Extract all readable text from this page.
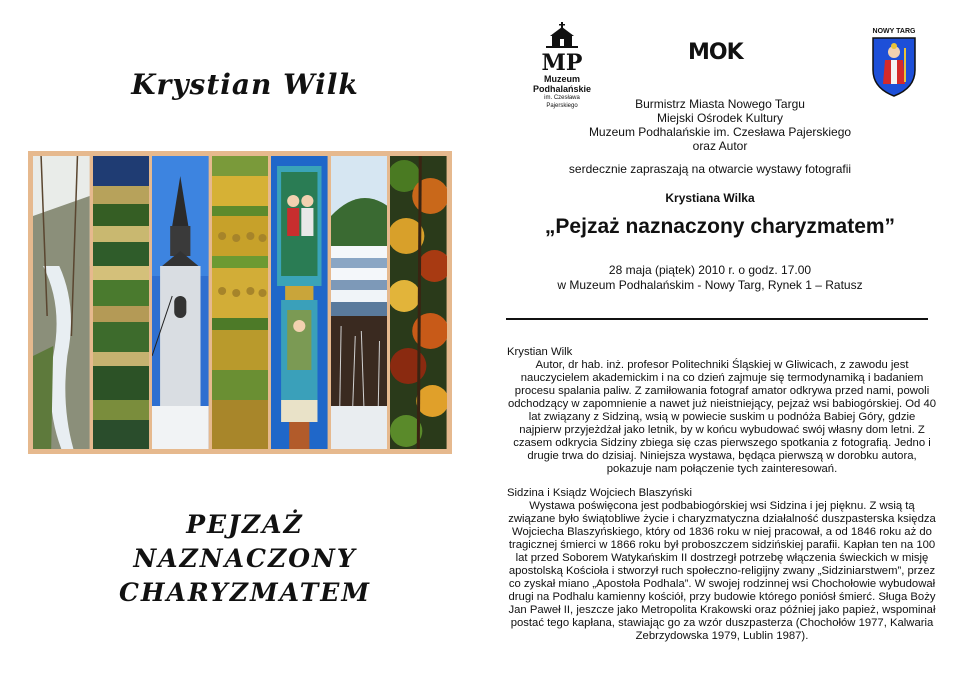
Krystian Wilk
PEJZAŻ
NAZNACZONY
CHARYZMATEM
MP
Muzeum
Podhalańskie
im. Czesława Pajerskiego
MOK
NOWY TARG
Burmistrz Miasta Nowego Targu
Miejski Ośrodek Kultury
Muzeum Podhalańskie im. Czesława Pajerskiego
oraz Autor
serdecznie zapraszają na otwarcie wystawy fotografii
Krystiana Wilka
„Pejzaż naznaczony charyzmatem”
28 maja (piątek) 2010 r. o godz. 17.00
w Muzeum Podhalańskim - Nowy Targ, Rynek 1 – Ratusz

Krystian Wilk

Autor, dr hab. inż. profesor Politechniki Śląskiej w Gliwicach, z zawodu jest nauczycielem akademickim i na co dzień zajmuje się termodynamiką i badaniem procesu spalania paliw. Z zamiłowania fotograf amator odkrywa przed nami, powoli odchodzący w zapomnienie a nawet już nieistniejący, pejzaż wsi babiogórskiej. Od 40 lat związany z Sidziną, wsią w powiecie suskim u podnóża Babiej Góry, gdzie najpierw przyjeżdżał jako letnik, by w końcu wybudować swój własny dom letni. Z czasem odkrycia Sidziny zbiega się czas pierwszego spotkania z fotografią. Jedno i drugie trwa do dzisiaj. Niniejsza wystawa, będąca pierwszą w dorobku autora, pokazuje nam połączenie tych zainteresowań.

Sidzina i Ksiądz Wojciech Blaszyński

Wystawa poświęcona jest podbabiogórskiej wsi Sidzina i jej pięknu. Z wsią tą związane było świątobliwe życie i charyzmatyczna działalność duszpasterska księdza Wojciecha Blaszyńskiego, który od 1836 roku w niej pracował, a od 1846 roku aż do tragicznej śmierci w 1866 roku był proboszczem sidzińskiej parafii. Kapłan ten na 100 lat przed Soborem Watykańskim II dostrzegł potrzebę włączenia świeckich w misję apostolską Kościoła i stworzył ruch społeczno-religijny zwany „Sidziniarstwem”, przez co zyskał miano „Apostoła Podhala”. W swojej rodzinnej wsi Chochołowie wybudował drugi na Podhalu kamienny kościół, przy budowie którego poniósł śmierć. Sługa Boży Jan Paweł II, jeszcze jako Metropolita Krakowski oraz później jako papież, wspominał postać tego kapłana, stawiając go za wzór duszpasterza (Chochołów 1977, Kalwaria Zebrzydowska 1979, Lublin 1987).
